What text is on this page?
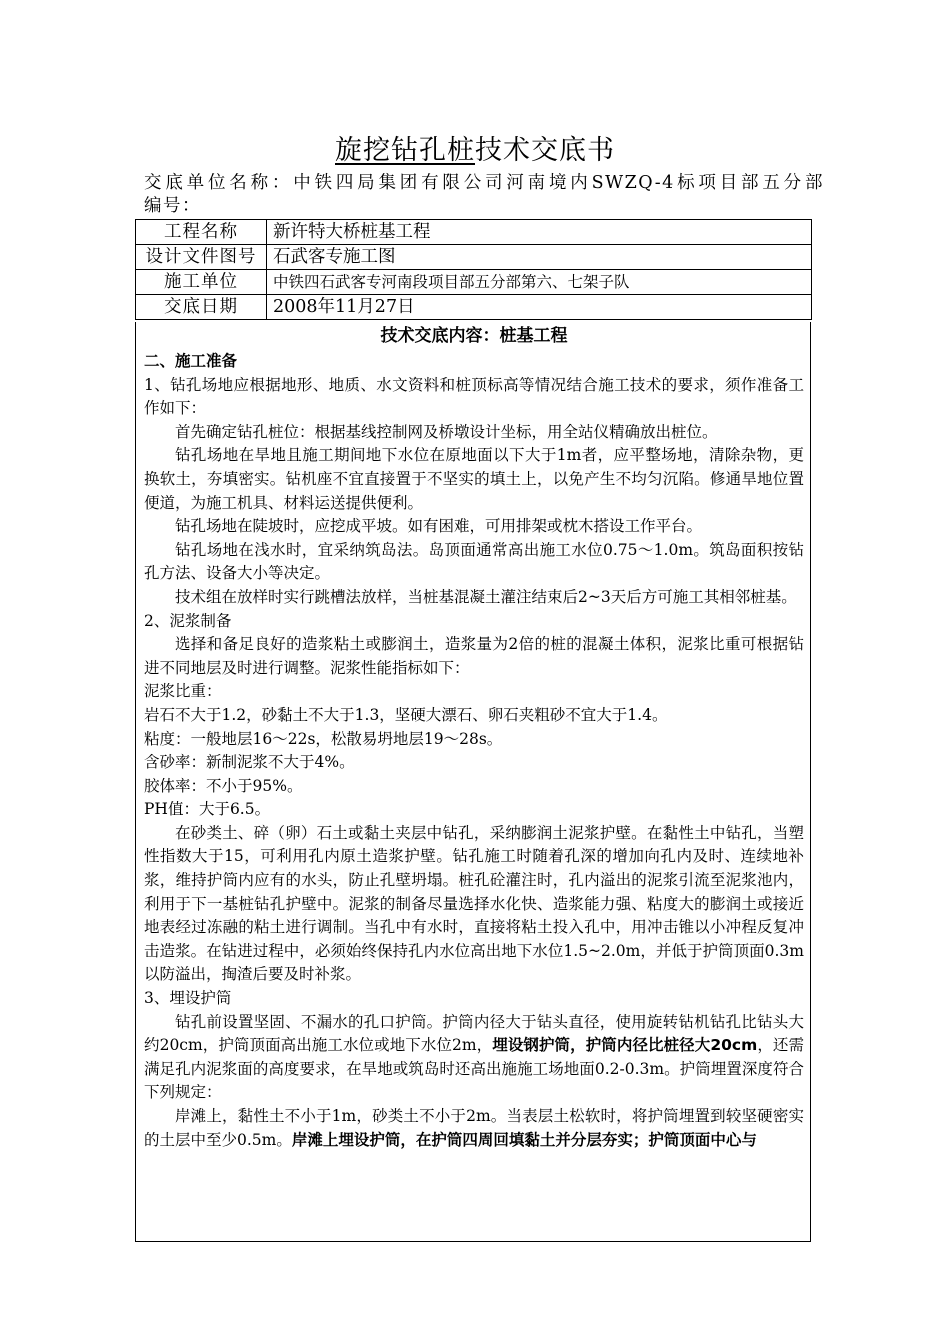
旋挖钻孔桩技术交底书
交底单位名称：中铁四局集团有限公司河南境内SWZQ-4标项目部五分部
编号：
工程名称	新许特大桥桩基工程
设计文件图号	石武客专施工图
施工单位	中铁四石武客专河南段项目部五分部第六、七架子队
交底日期	2008年11月27日

技术交底内容：桩基工程

二、施工准备

1、钻孔场地应根据地形、地质、水文资料和桩顶标高等情况结合施工技术的要求，须作准备工作如下：

首先确定钻孔桩位：根据基线控制网及桥墩设计坐标，用全站仪精确放出桩位。

钻孔场地在旱地且施工期间地下水位在原地面以下大于1m者，应平整场地，清除杂物，更换软土，夯填密实。钻机座不宜直接置于不坚实的填土上，以免产生不均匀沉陷。修通旱地位置便道，为施工机具、材料运送提供便利。

钻孔场地在陡坡时，应挖成平坡。如有困难，可用排架或枕木搭设工作平台。

钻孔场地在浅水时，宜采纳筑岛法。岛顶面通常高出施工水位0.75～1.0m。筑岛面积按钻孔方法、设备大小等决定。

技术组在放样时实行跳槽法放样，当桩基混凝土灌注结束后2~3天后方可施工其相邻桩基。

2、泥浆制备

选择和备足良好的造浆粘土或膨润土，造浆量为2倍的桩的混凝土体积，泥浆比重可根据钻进不同地层及时进行调整。泥浆性能指标如下：

泥浆比重：

岩石不大于1.2，砂黏土不大于1.3，坚硬大漂石、卵石夹粗砂不宜大于1.4。

粘度：一般地层16～22s，松散易坍地层19～28s。

含砂率：新制泥浆不大于4%。

胶体率：不小于95%。

PH值：大于6.5。

在砂类土、碎（卵）石土或黏土夹层中钻孔，采纳膨润土泥浆护壁。在黏性土中钻孔，当塑性指数大于15，可利用孔内原土造浆护壁。钻孔施工时随着孔深的增加向孔内及时、连续地补浆，维持护筒内应有的水头，防止孔壁坍塌。桩孔砼灌注时，孔内溢出的泥浆引流至泥浆池内，利用于下一基桩钻孔护壁中。泥浆的制备尽量选择水化快、造浆能力强、粘度大的膨润土或接近地表经过冻融的粘土进行调制。当孔中有水时，直接将粘土投入孔中，用冲击锥以小冲程反复冲击造浆。在钻进过程中，必须始终保持孔内水位高出地下水位1.5~2.0m，并低于护筒顶面0.3m以防溢出，掏渣后要及时补浆。

3、埋设护筒

钻孔前设置坚固、不漏水的孔口护筒。护筒内径大于钻头直径，使用旋转钻机钻孔比钻头大约20cm，护筒顶面高出施工水位或地下水位2m，埋设钢护筒，护筒内径比桩径大20cm，还需满足孔内泥浆面的高度要求，在旱地或筑岛时还高出施施工场地面0.2-0.3m。护筒埋置深度符合下列规定：

岸滩上，黏性土不小于1m，砂类土不小于2m。当表层土松软时，将护筒埋置到较坚硬密实的土层中至少0.5m。岸滩上埋设护筒，在护筒四周回填黏土并分层夯实；护筒顶面中心与
